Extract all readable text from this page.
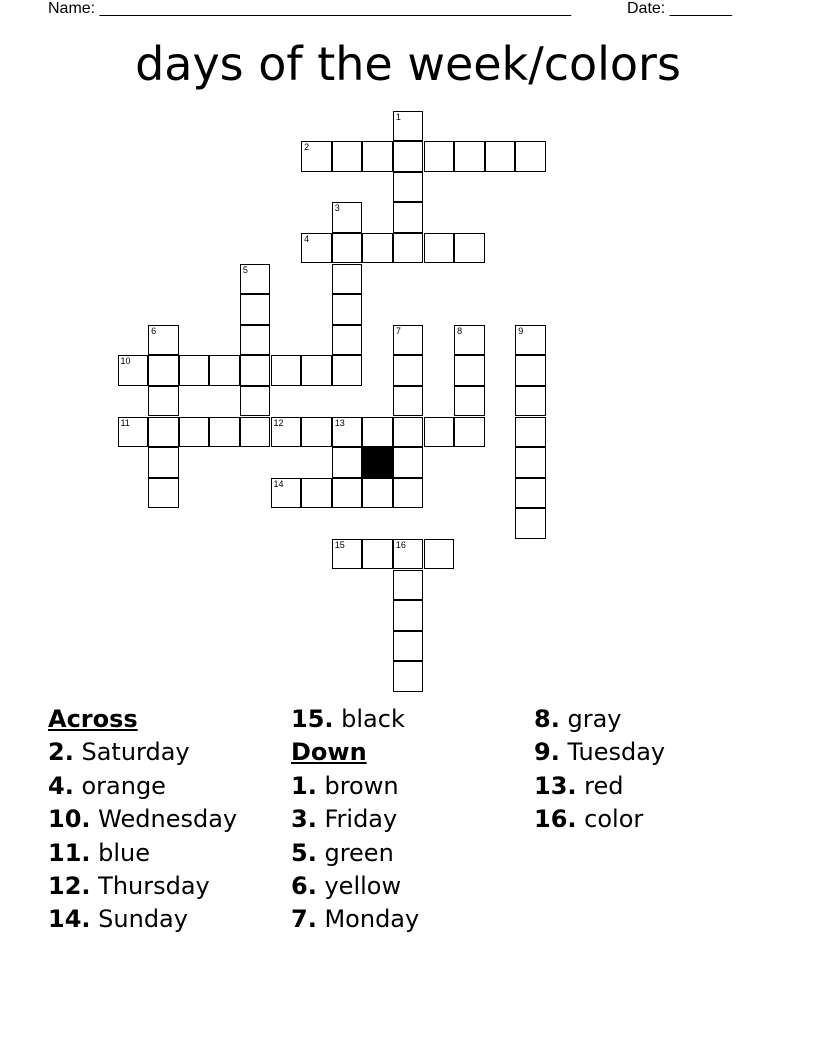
Name: _____________________________________________________	Date: _______
days of the week/colors
1
2
3
4
5
6	7	8	9
10
11	12	13
14
15	16
Across
2. Saturday
4. orange
10. Wednesday
11. blue
12. Thursday
14. Sunday
15. black
Down
1. brown
3. Friday
5. green
6. yellow
7. Monday
8. gray
9. Tuesday
13. red
16. color
